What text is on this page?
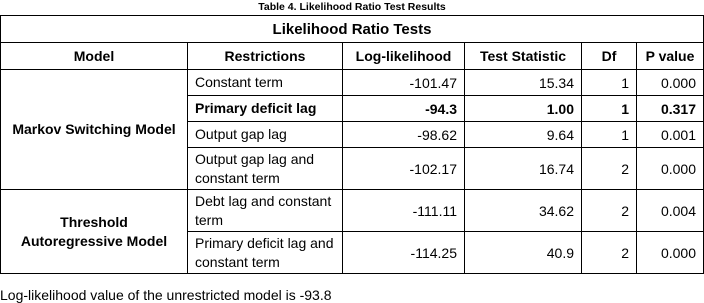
Table 4. Likelihood Ratio Test Results
Likelihood Ratio Tests					
Model	Restrictions	Log-likelihood	Test Statistic	Df	P value
Markov Switching Model	Constant term	-101.47	15.34	1	0.000
	Primary deficit lag	-94.3	1.00	1	0.317
	Output gap lag	-98.62	9.64	1	0.001
	Output gap lag and constant term	-102.17	16.74	2	0.000
Threshold Autoregressive Model	Debt lag and constant term	-111.11	34.62	2	0.004
	Primary deficit lag and constant term	-114.25	40.9	2	0.000
Log-likelihood value of the unrestricted model is -93.8
